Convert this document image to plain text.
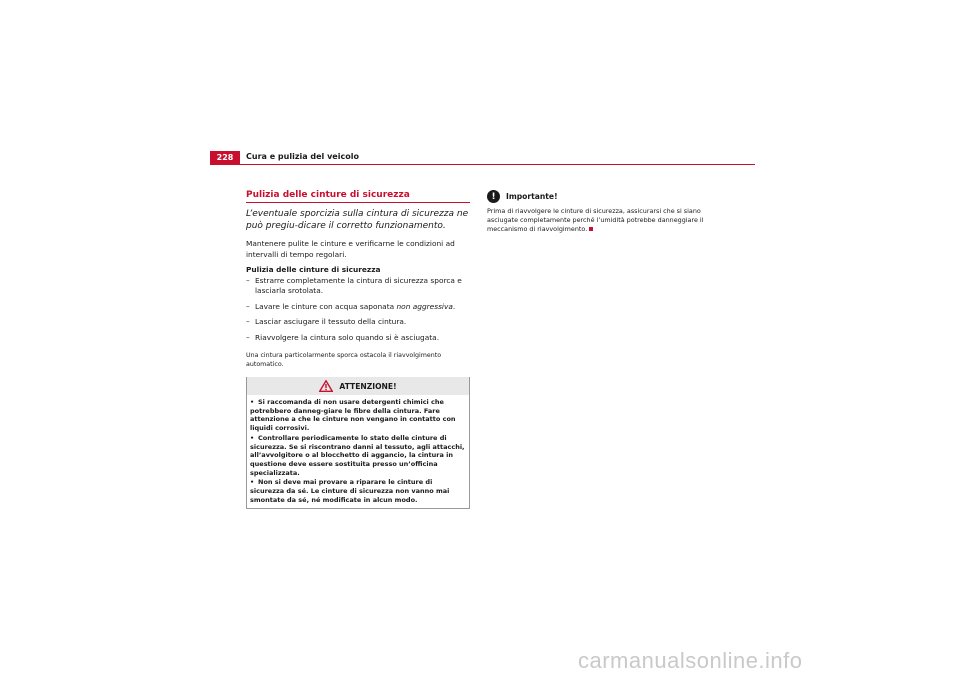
228	Cura e pulizia del veicolo
Pulizia delle cinture di sicurezza
L’eventuale sporcizia sulla cintura di sicurezza ne può pregiu-dicare il corretto funzionamento.
Mantenere pulite le cinture e verificarne le condizioni ad intervalli di tempo regolari.
Pulizia delle cinture di sicurezza
– Estrarre completamente la cintura di sicurezza sporca e lasciarla srotolata.
– Lavare le cinture con acqua saponata non aggressiva.
– Lasciar asciugare il tessuto della cintura.
– Riavvolgere la cintura solo quando si è asciugata.
Una cintura particolarmente sporca ostacola il riavvolgimento automatico.
ATTENZIONE!
• Si raccomanda di non usare detergenti chimici che potrebbero danneg-giare le fibre della cintura. Fare attenzione a che le cinture non vengano in contatto con liquidi corrosivi.
• Controllare periodicamente lo stato delle cinture di sicurezza. Se si riscontrano danni al tessuto, agli attacchi, all’avvolgitore o al blocchetto di aggancio, la cintura in questione deve essere sostituita presso un’officina specializzata.
• Non si deve mai provare a riparare le cinture di sicurezza da sé. Le cinture di sicurezza non vanno mai smontate da sé, né modificate in alcun modo.
!	Importante!
Prima di riavvolgere le cinture di sicurezza, assicurarsi che si siano asciugate completamente perché l’umidità potrebbe danneggiare il meccanismo di riavvolgimento.
carmanualsonline.info
